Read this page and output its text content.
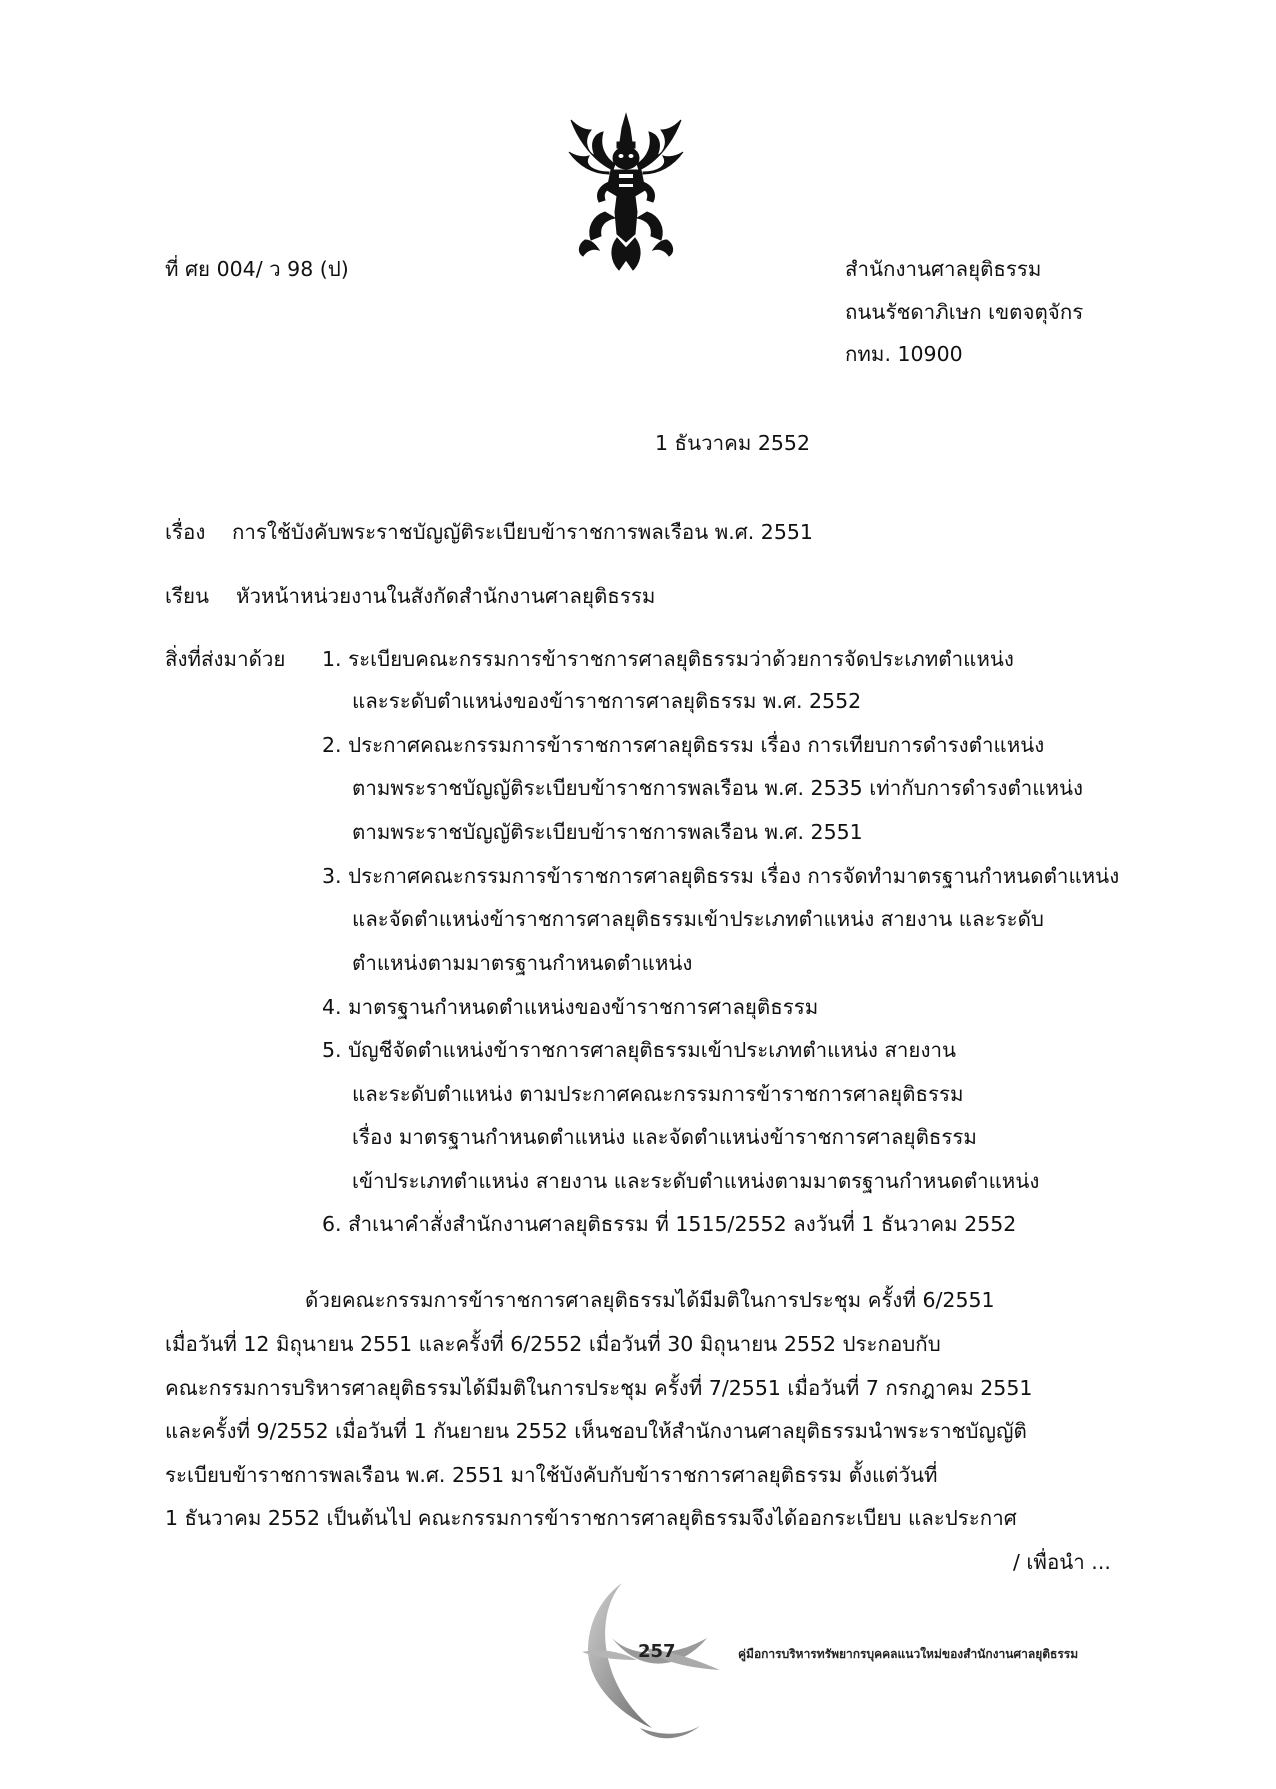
ที่ ศย 004/ ว 98 (ป)	สำนักงานศาลยุติธรรม
ถนนรัชดาภิเษก เขตจตุจักร
กทม. 10900
1 ธันวาคม 2552
เรื่อง การใช้บังคับพระราชบัญญัติระเบียบข้าราชการพลเรือน พ.ศ. 2551
เรียน หัวหน้าหน่วยงานในสังกัดสำนักงานศาลยุติธรรม
สิ่งที่ส่งมาด้วย 1. ระเบียบคณะกรรมการข้าราชการศาลยุติธรรมว่าด้วยการจัดประเภทตำแหน่ง
และระดับตำแหน่งของข้าราชการศาลยุติธรรม พ.ศ. 2552
2. ประกาศคณะกรรมการข้าราชการศาลยุติธรรม เรื่อง การเทียบการดำรงตำแหน่ง
ตามพระราชบัญญัติระเบียบข้าราชการพลเรือน พ.ศ. 2535 เท่ากับการดำรงตำแหน่ง
ตามพระราชบัญญัติระเบียบข้าราชการพลเรือน พ.ศ. 2551
3. ประกาศคณะกรรมการข้าราชการศาลยุติธรรม เรื่อง การจัดทำมาตรฐานกำหนดตำแหน่ง
และจัดตำแหน่งข้าราชการศาลยุติธรรมเข้าประเภทตำแหน่ง สายงาน และระดับ
ตำแหน่งตามมาตรฐานกำหนดตำแหน่ง
4. มาตรฐานกำหนดตำแหน่งของข้าราชการศาลยุติธรรม
5. บัญชีจัดตำแหน่งข้าราชการศาลยุติธรรมเข้าประเภทตำแหน่ง สายงาน
และระดับตำแหน่ง ตามประกาศคณะกรรมการข้าราชการศาลยุติธรรม
เรื่อง มาตรฐานกำหนดตำแหน่ง และจัดตำแหน่งข้าราชการศาลยุติธรรม
เข้าประเภทตำแหน่ง สายงาน และระดับตำแหน่งตามมาตรฐานกำหนดตำแหน่ง
6. สำเนาคำสั่งสำนักงานศาลยุติธรรม ที่ 1515/2552 ลงวันที่ 1 ธันวาคม 2552
ด้วยคณะกรรมการข้าราชการศาลยุติธรรมได้มีมติในการประชุม ครั้งที่ 6/2551
เมื่อวันที่ 12 มิถุนายน 2551 และครั้งที่ 6/2552 เมื่อวันที่ 30 มิถุนายน 2552 ประกอบกับ
คณะกรรมการบริหารศาลยุติธรรมได้มีมติในการประชุม ครั้งที่ 7/2551 เมื่อวันที่ 7 กรกฎาคม 2551
และครั้งที่ 9/2552 เมื่อวันที่ 1 กันยายน 2552 เห็นชอบให้สำนักงานศาลยุติธรรมนำพระราชบัญญัติ
ระเบียบข้าราชการพลเรือน พ.ศ. 2551 มาใช้บังคับกับข้าราชการศาลยุติธรรม ตั้งแต่วันที่
1 ธันวาคม 2552 เป็นต้นไป คณะกรรมการข้าราชการศาลยุติธรรมจึงได้ออกระเบียบ และประกาศ
/ เพื่อนำ ...
257	คู่มือการบริหารทรัพยากรบุคคลแนวใหม่ของสำนักงานศาลยุติธรรม
